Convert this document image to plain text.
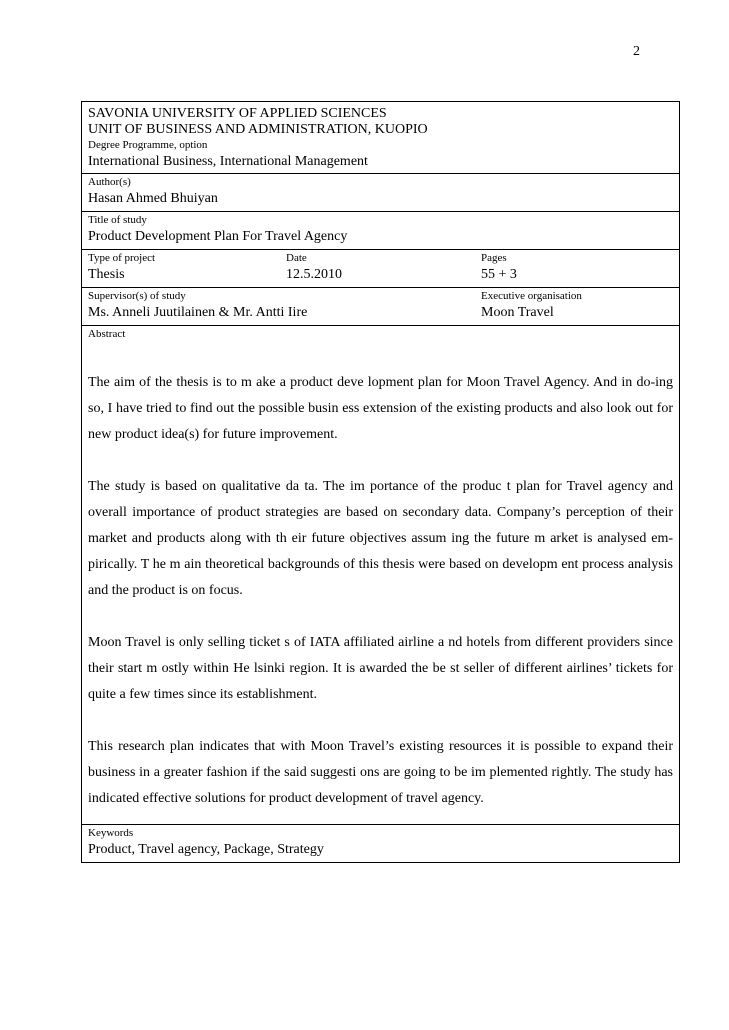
2
SAVONIA UNIVERSITY OF APPLIED SCIENCES
UNIT OF BUSINESS AND ADMINISTRATION, KUOPIO
Degree Programme, option
International Business, International Management
Author(s)
Hasan Ahmed Bhuiyan
Title of study
Product Development Plan For Travel Agency
Type of project
Thesis
Date
12.5.2010
Pages
55 + 3
Supervisor(s) of study
Ms. Anneli Juutilainen & Mr. Antti Iire
Executive organisation
Moon Travel
Abstract

The aim of the thesis is to m ake a product deve lopment plan for Moon Travel Agency. And in do-ing so, I have tried to find out the possible busin ess extension of the existing products and also look out for new product idea(s) for future improvement.

The study is based on qualitative da ta. The im portance of the produc t plan for Travel agency and overall importance of product strategies are based on secondary data. Company’s perception of their market and products along with th eir future objectives assum ing the future m arket is analysed em-pirically. T he m ain theoretical backgrounds of this thesis were based on developm ent process analysis and the product is on focus.

Moon Travel is only selling ticket s of IATA affiliated airline a nd hotels from different providers since their start m ostly within He lsinki region. It is awarded the be st seller of different airlines’ tickets for quite a few times since its establishment.

This research plan indicates that with Moon Travel’s existing resources it is possible to expand their business in a greater fashion if the said suggesti ons are going to be im plemented rightly. The study has indicated effective solutions for product development of travel agency.

Keywords
Product, Travel agency, Package, Strategy
